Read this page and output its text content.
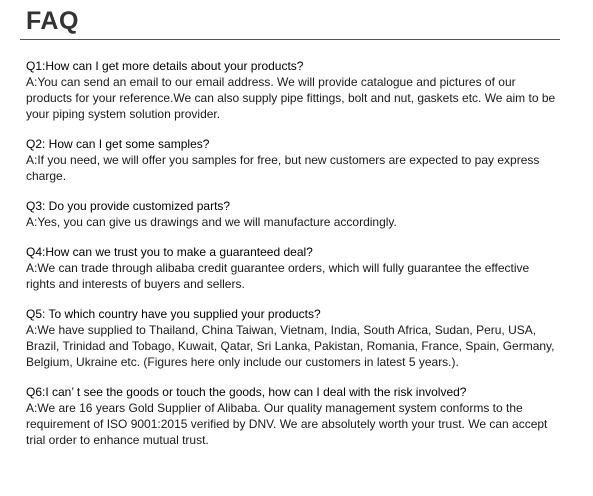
FAQ

Q1:How can I get more details about your products?

A:You can send an email to our email address. We will provide catalogue and pictures of our products for your reference.We can also supply pipe fittings, bolt and nut, gaskets etc. We aim to be your piping system solution provider.

Q2: How can I get some samples?

A:If you need, we will offer you samples for free, but new customers are expected to pay express charge.

Q3: Do you provide customized parts?

A:Yes, you can give us drawings and we will manufacture accordingly.

Q4:How can we trust you to make a guaranteed deal?

A:We can trade through alibaba credit guarantee orders, which will fully guarantee the effective rights and interests of buyers and sellers.

Q5: To which country have you supplied your products?

A:We have supplied to Thailand, China Taiwan, Vietnam, India, South Africa, Sudan, Peru, USA, Brazil, Trinidad and Tobago, Kuwait, Qatar, Sri Lanka, Pakistan, Romania, France, Spain, Germany, Belgium, Ukraine etc. (Figures here only include our customers in latest 5 years.).

Q6:I can’ t see the goods or touch the goods, how can I deal with the risk involved?

A:We are 16 years Gold Supplier of Alibaba. Our quality management system conforms to the requirement of ISO 9001:2015 verified by DNV. We are absolutely worth your trust. We can accept trial order to enhance mutual trust.
